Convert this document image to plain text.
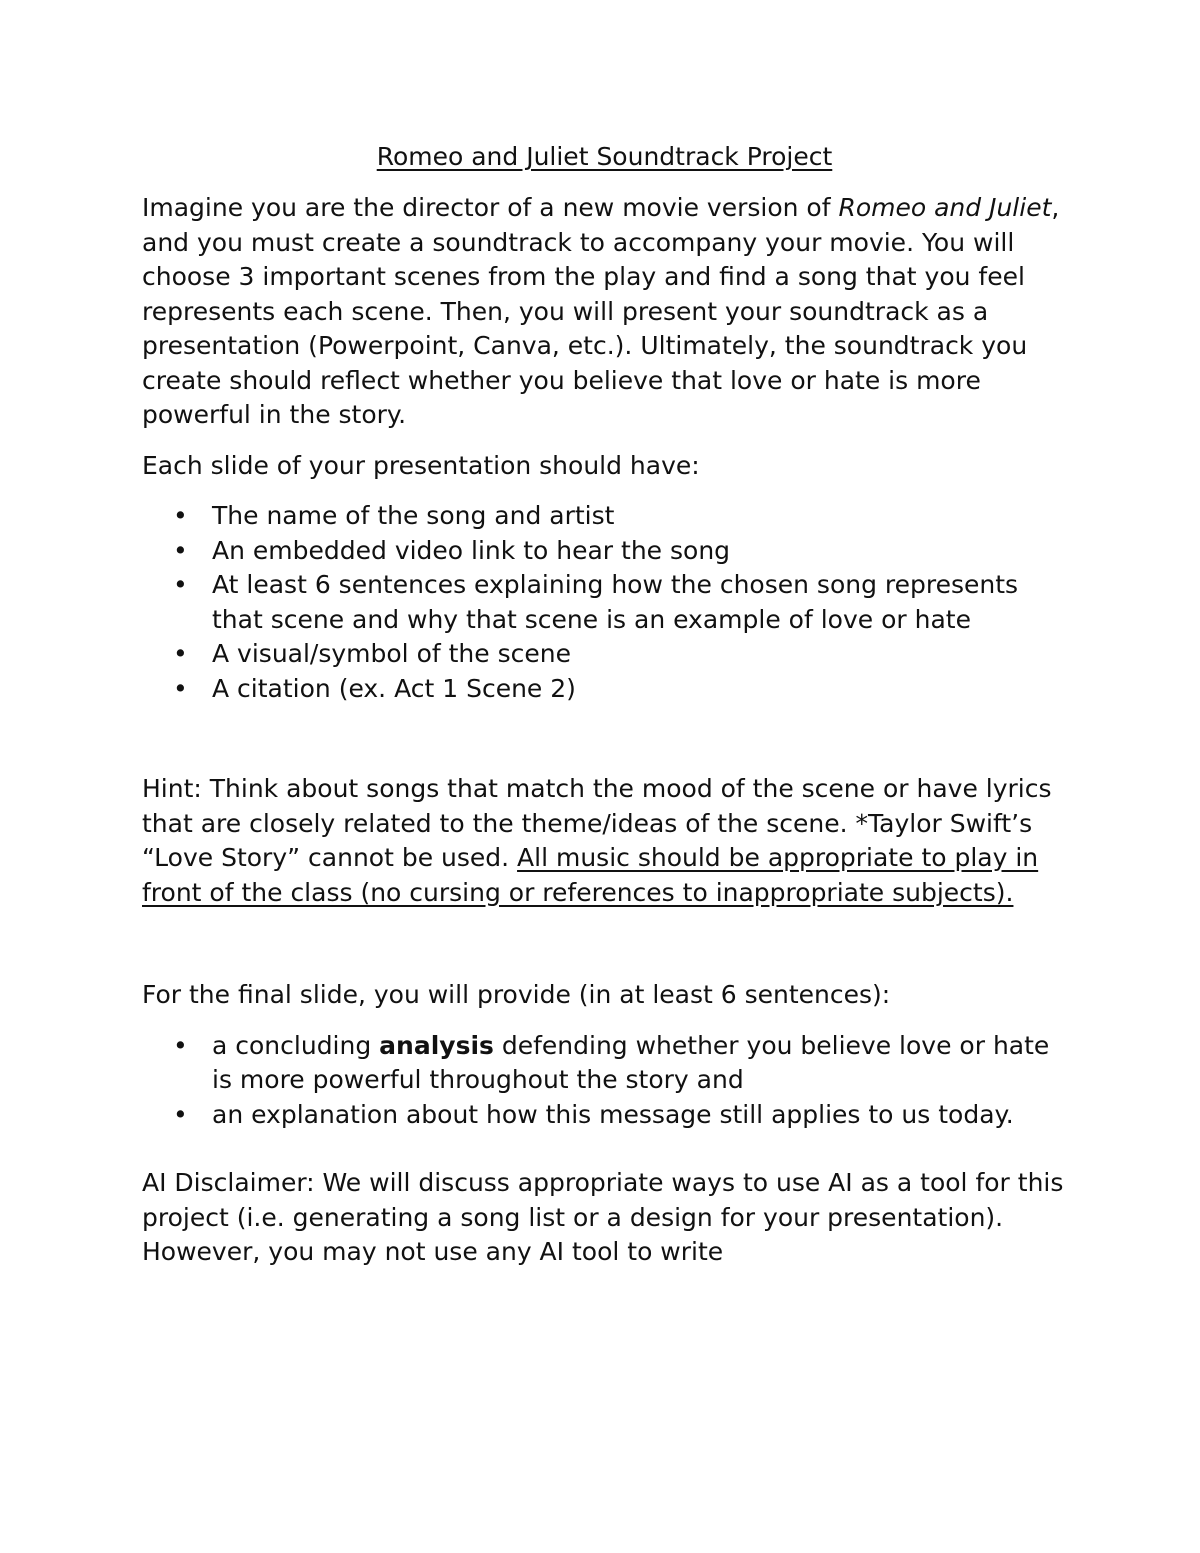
Romeo and Juliet Soundtrack Project

Imagine you are the director of a new movie version of Romeo and Juliet, and you must create a soundtrack to accompany your movie. You will choose 3 important scenes from the play and find a song that you feel represents each scene. Then, you will present your soundtrack as a presentation (Powerpoint, Canva, etc.). Ultimately, the soundtrack you create should reflect whether you believe that love or hate is more powerful in the story.

Each slide of your presentation should have:

• The name of the song and artist
• An embedded video link to hear the song
• At least 6 sentences explaining how the chosen song represents that scene and why that scene is an example of love or hate
• A visual/symbol of the scene
• A citation (ex. Act 1 Scene 2)

Hint: Think about songs that match the mood of the scene or have lyrics that are closely related to the theme/ideas of the scene. *Taylor Swift’s “Love Story” cannot be used. All music should be appropriate to play in front of the class (no cursing or references to inappropriate subjects).

For the final slide, you will provide (in at least 6 sentences):

• a concluding analysis defending whether you believe love or hate is more powerful throughout the story and
• an explanation about how this message still applies to us today.

AI Disclaimer: We will discuss appropriate ways to use AI as a tool for this project (i.e. generating a song list or a design for your presentation). However, you may not use any AI tool to write
